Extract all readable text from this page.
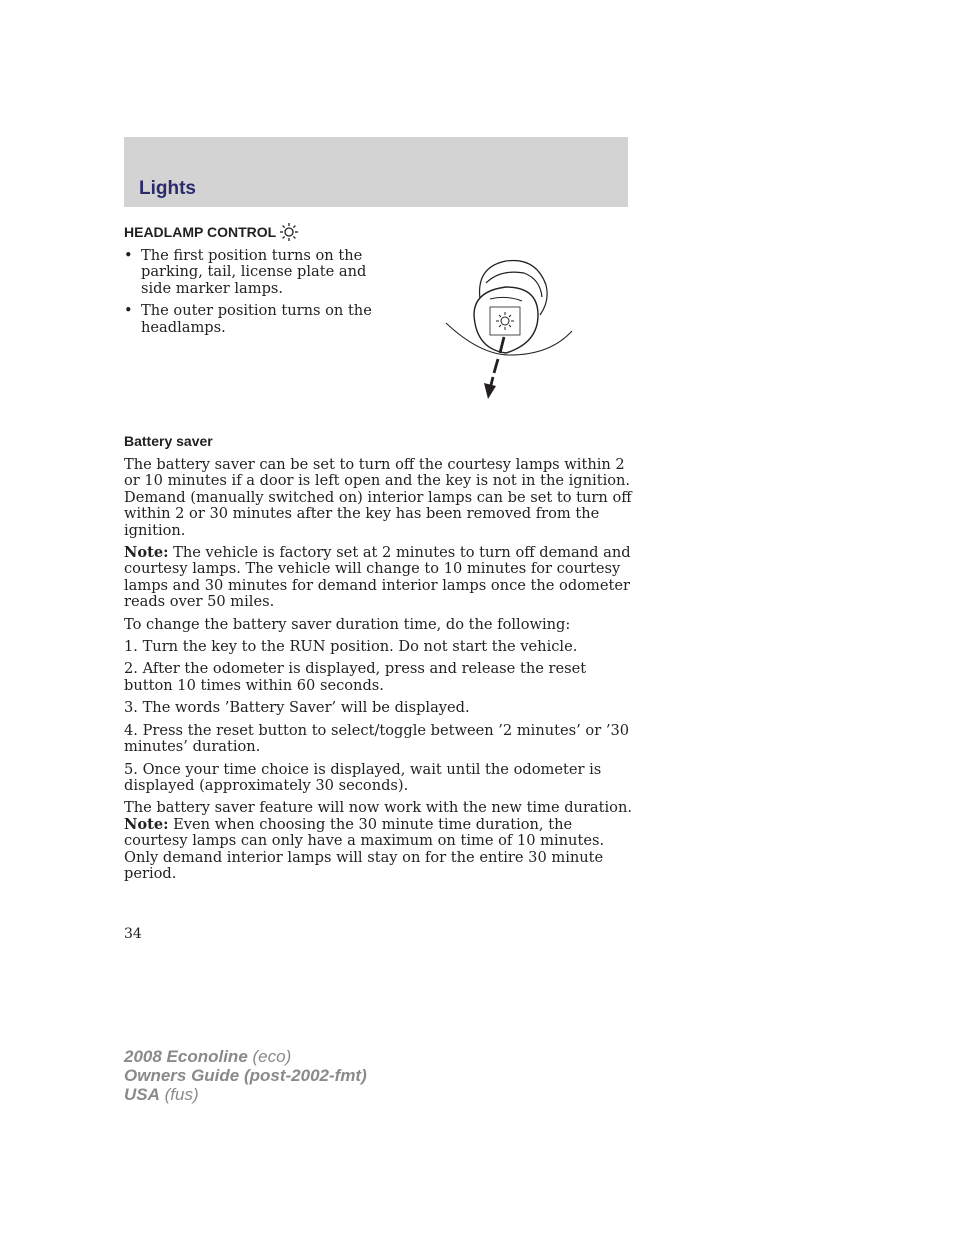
Lights
HEADLAMP CONTROL
• The first position turns on the parking, tail, license plate and side marker lamps.
• The outer position turns on the headlamps.
Battery saver

The battery saver can be set to turn off the courtesy lamps within 2 or 10 minutes if a door is left open and the key is not in the ignition. Demand (manually switched on) interior lamps can be set to turn off within 2 or 30 minutes after the key has been removed from the ignition.

Note: The vehicle is factory set at 2 minutes to turn off demand and courtesy lamps. The vehicle will change to 10 minutes for courtesy lamps and 30 minutes for demand interior lamps once the odometer reads over 50 miles.

To change the battery saver duration time, do the following:

1. Turn the key to the RUN position. Do not start the vehicle.

2. After the odometer is displayed, press and release the reset button 10 times within 60 seconds.

3. The words ’Battery Saver’ will be displayed.

4. Press the reset button to select/toggle between ’2 minutes’ or ’30 minutes’ duration.

5. Once your time choice is displayed, wait until the odometer is displayed (approximately 30 seconds).

The battery saver feature will now work with the new time duration.

Note: Even when choosing the 30 minute time duration, the courtesy lamps can only have a maximum on time of 10 minutes. Only demand interior lamps will stay on for the entire 30 minute period.

34
2008 Econoline (eco)
Owners Guide (post-2002-fmt)
USA (fus)
